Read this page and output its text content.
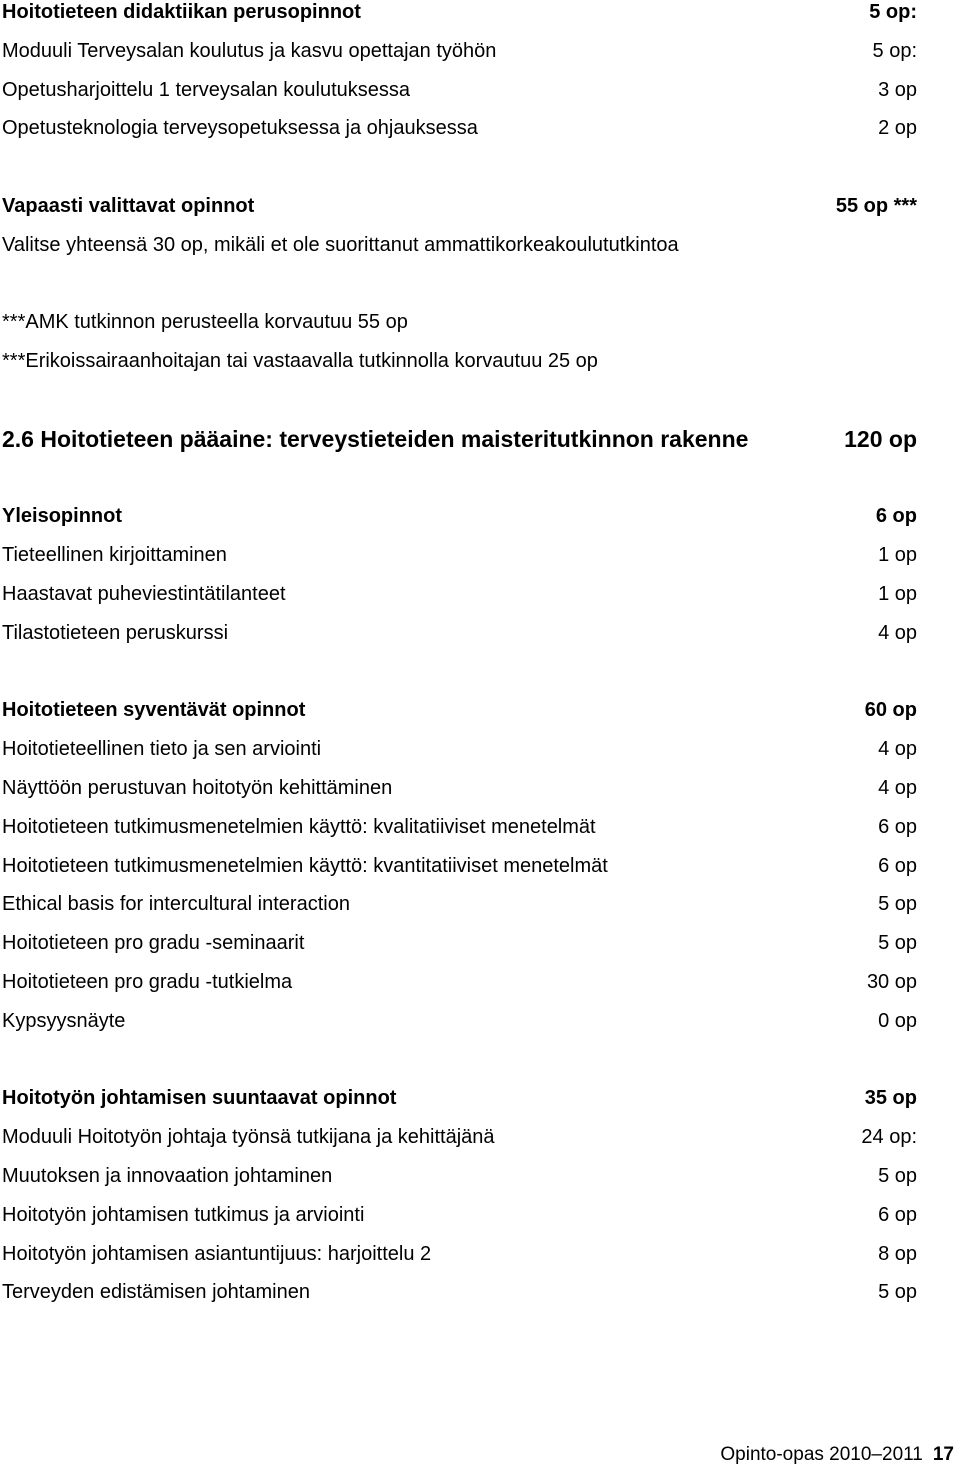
Hoitotieteen didaktiikan perusopinnot	5 op:
Moduuli Terveysalan koulutus ja kasvu opettajan työhön	5 op:
Opetusharjoittelu 1 terveysalan koulutuksessa	3 op
Opetusteknologia terveysopetuksessa ja ohjauksessa	2 op
Vapaasti valittavat opinnot	55 op ***
Valitse yhteensä 30 op, mikäli et ole suorittanut ammattikorkeakoulututkintoa
***AMK tutkinnon perusteella korvautuu 55 op
***Erikoissairaanhoitajan tai vastaavalla tutkinnolla korvautuu 25 op
2.6 Hoitotieteen pääaine: terveystieteiden maisteritutkinnon rakenne	120 op
Yleisopinnot	6 op
Tieteellinen kirjoittaminen	1 op
Haastavat puheviestintätilanteet	1 op
Tilastotieteen peruskurssi	4 op
Hoitotieteen syventävät opinnot	60 op
Hoitotieteellinen tieto ja sen arviointi	4 op
Näyttöön perustuvan hoitotyön kehittäminen	4 op
Hoitotieteen tutkimusmenetelmien käyttö: kvalitatiiviset menetelmät	6 op
Hoitotieteen tutkimusmenetelmien käyttö: kvantitatiiviset menetelmät	6 op
Ethical basis for intercultural interaction	5 op
Hoitotieteen pro gradu -seminaarit	5 op
Hoitotieteen pro gradu -tutkielma	30 op
Kypsyysnäyte	0 op
Hoitotyön johtamisen suuntaavat opinnot	35 op
Moduuli Hoitotyön johtaja työnsä tutkijana ja kehittäjänä	24 op:
Muutoksen ja innovaation johtaminen	5 op
Hoitotyön johtamisen tutkimus ja arviointi	6 op
Hoitotyön johtamisen asiantuntijuus: harjoittelu 2	8 op
Terveyden edistämisen johtaminen	5 op
Opinto-opas 2010–2011 17
